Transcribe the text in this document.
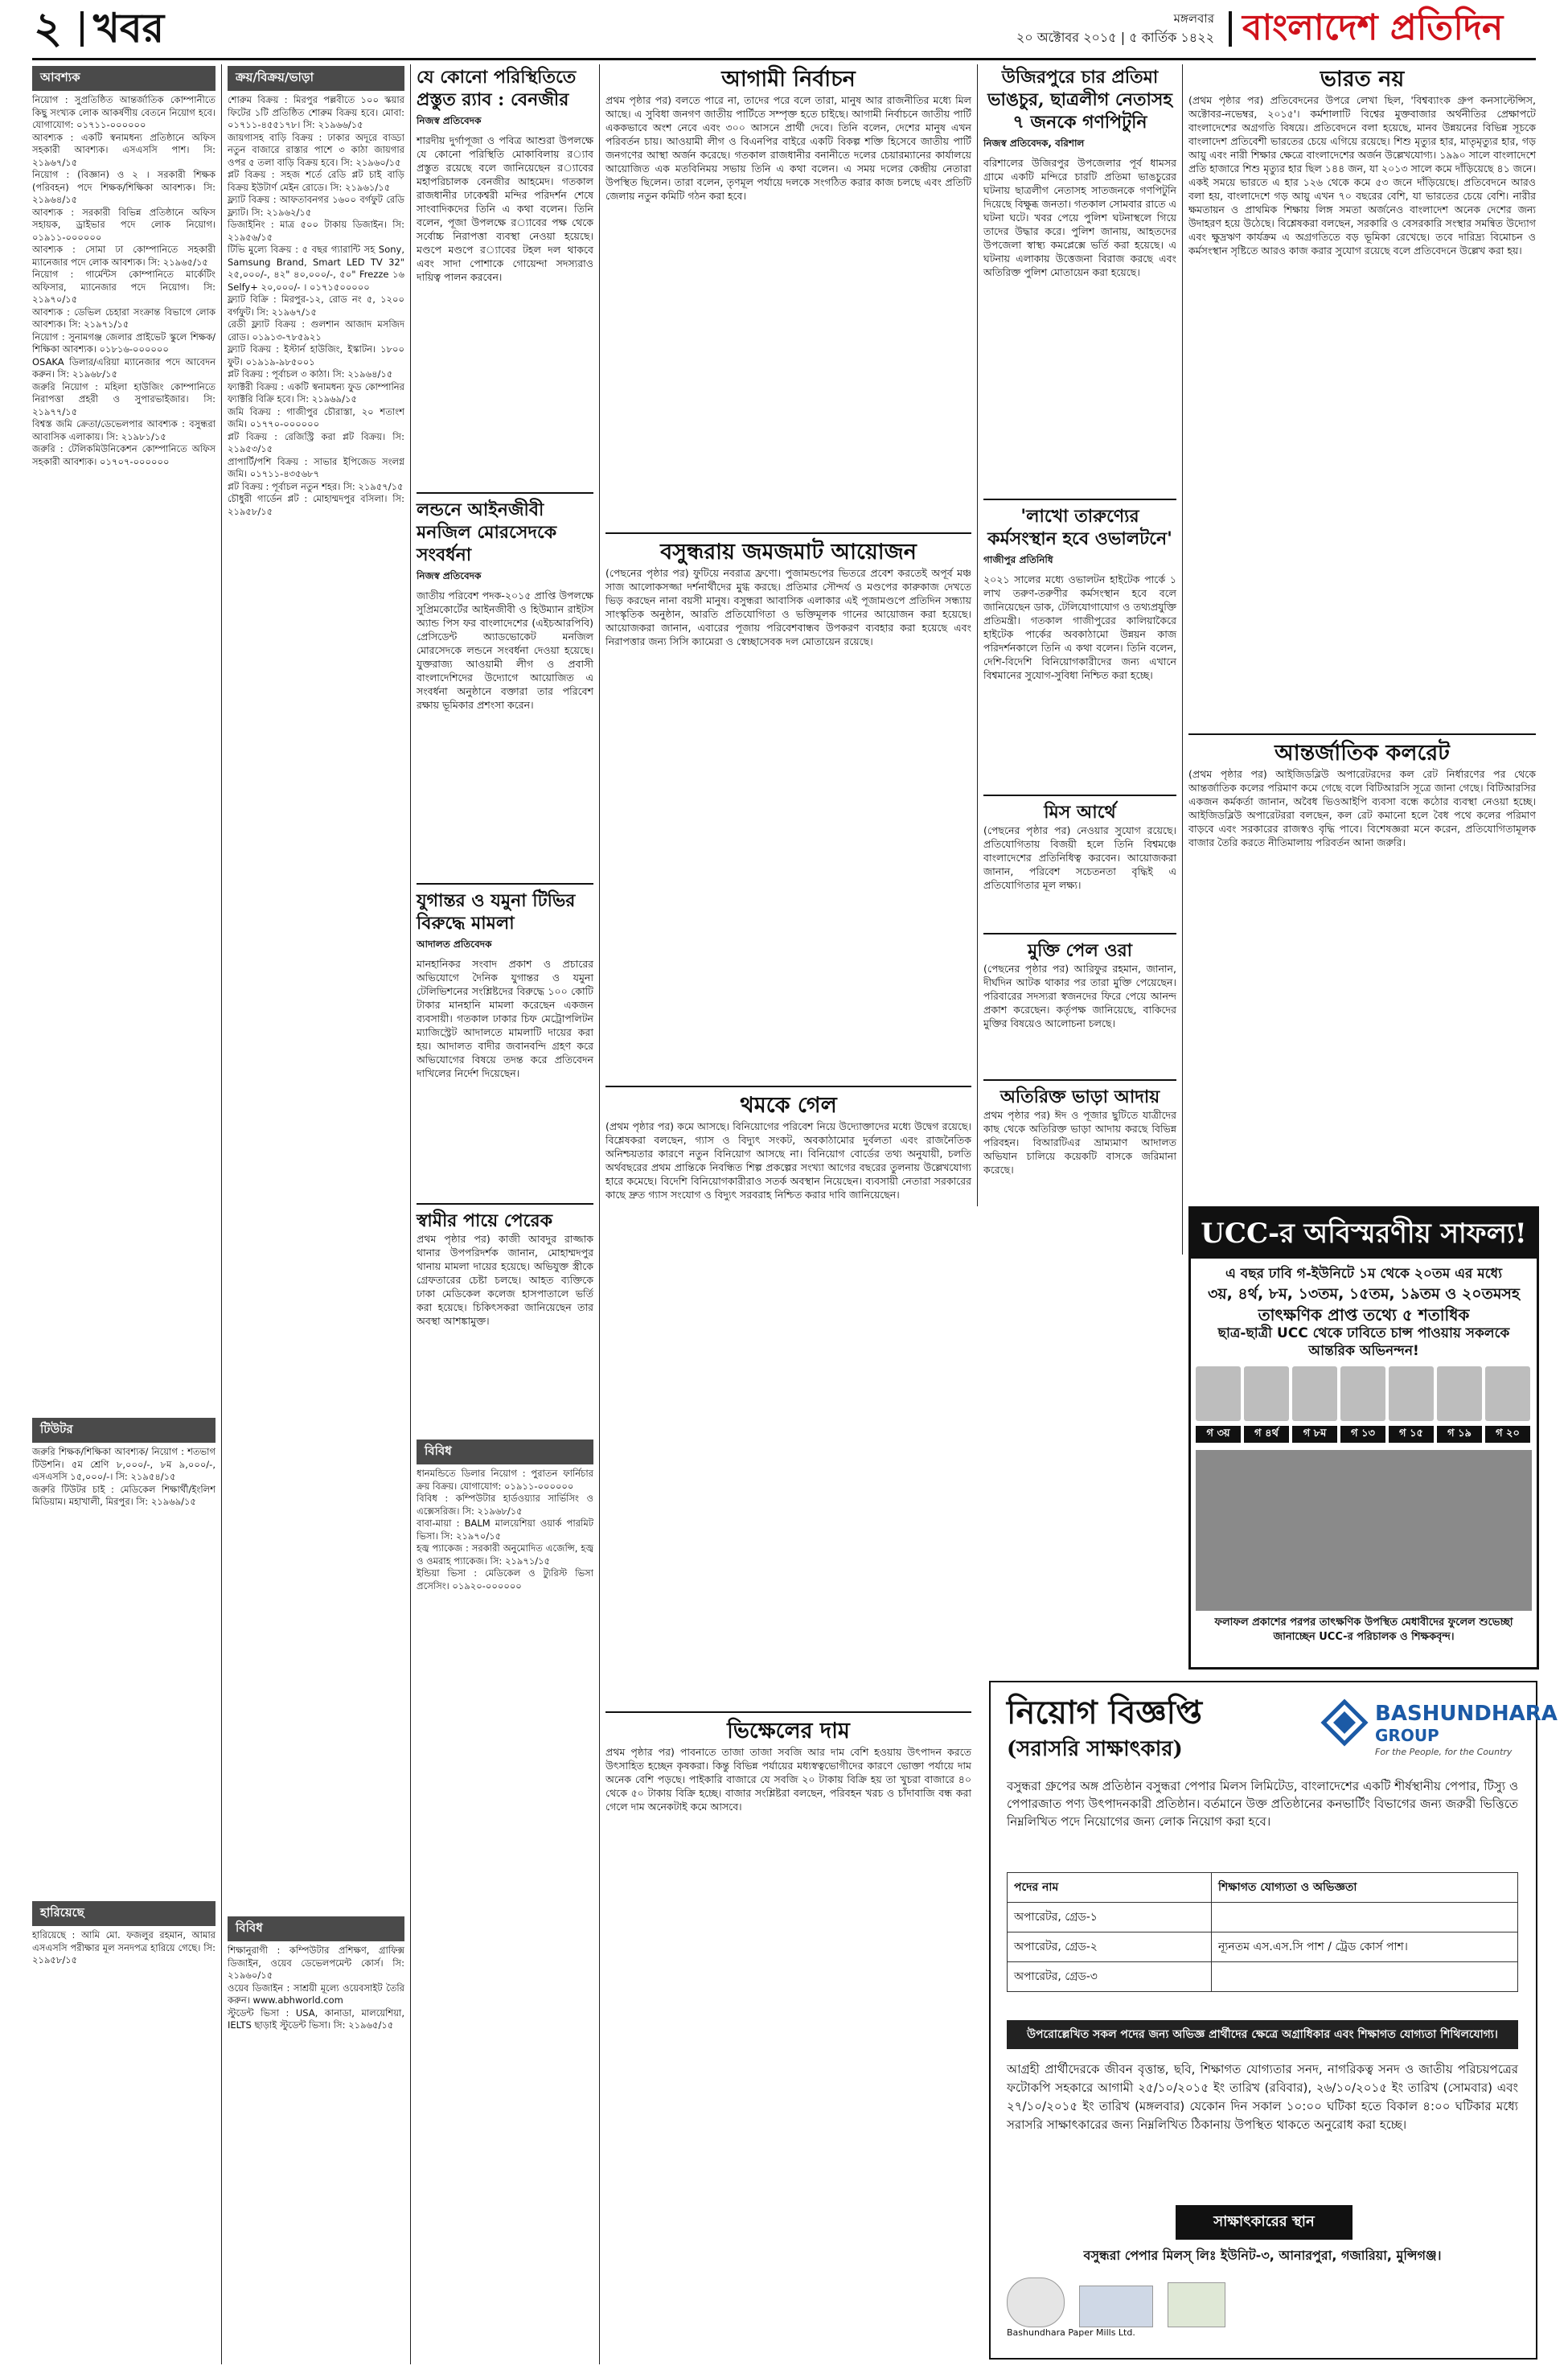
২ খবর	মঙ্গলবার
২০ অক্টোবর ২০১৫ | ৫ কার্তিক ১৪২২ বাংলাদেশ প্রতিদিন
আবশ্যক
নিয়োগ : সুপ্রতিষ্ঠিত আন্তর্জাতিক কোম্পানীতে কিছু সংখ্যক লোক আকর্ষণীয় বেতনে নিয়োগ হবে। যোগাযোগ: ০১৭১১-০০০০০০
আবশ্যক : একটি স্বনামধন্য প্রতিষ্ঠানে অফিস সহকারী আবশ্যক। এসএসসি পাশ। সি: ২১৯৬৭/১৫
নিয়োগ : (বিজ্ঞান) ও ২ । সরকারী শিক্ষক (পরিবহন) পদে শিক্ষক/শিক্ষিকা আবশ্যক। সি: ২১৯৬৪/১৫
আবশ্যক : সরকারী বিভিন্ন প্রতিষ্ঠানে অফিস সহায়ক, ড্রাইভার পদে লোক নিয়োগ। ০১৯১১-০০০০০০
আবশ্যক : সোমা ঢা কোম্পানিতে সহকারী ম্যানেজার পদে লোক আবশ্যক। সি: ২১৯৬৫/১৫
নিয়োগ : গার্মেন্টস কোম্পানিতে মার্কেটিং অফিসার, ম্যানেজার পদে নিয়োগ। সি: ২১৯৭০/১৫
আবশ্যক : ডেভিল চেহারা সংক্রান্ত বিভাগে লোক আবশ্যক। সি: ২১৯৭১/১৫
নিয়োগ : সুনামগঞ্জ জেলার প্রাইভেট স্কুলে শিক্ষক/শিক্ষিকা আবশ্যক। ০১৮১৬-০০০০০০
OSAKA ডিলার/এরিয়া ম্যানেজার পদে আবেদন করুন। সি: ২১৯৬৮/১৫
জরুরি নিয়োগ : মহিলা হাউজিং কোম্পানিতে নিরাপত্তা প্রহরী ও সুপারভাইজার। সি: ২১৯৭৭/১৫
বিশ্বস্ত জমি ক্রেতা/ডেভেলপার আবশ্যক : বসুন্ধরা আবাসিক এলাকায়। সি: ২১৯৮১/১৫
জরুরি : টেলিকমিউনিকেশন কোম্পানিতে অফিস সহকারী আবশ্যক। ০১৭০৭-০০০০০০
টিউটর
জরুরি শিক্ষক/শিক্ষিকা আবশ্যক/ নিয়োগ : শতভাগ টিউশনি। ৫ম শ্রেণি ৮,০০০/-, ৮ম ৯,০০০/-, এসএসসি ১৫,০০০/-। সি: ২১৯৫৪/১৫
জরুরি টিউটর চাই : মেডিকেল শিক্ষার্থী/ইংলিশ মিডিয়াম। মহাখালী, মিরপুর। সি: ২১৯৬৯/১৫
হারিয়েছে
হারিয়েছে : আমি মো. ফজলুর রহমান, আমার এসএসসি পরীক্ষার মূল সনদপত্র হারিয়ে গেছে। সি: ২১৯৫৮/১৫
ক্রয়/বিক্রয়/ভাড়া
শোরুম বিক্রয় : মিরপুর পল্লবীতে ১০০ স্কয়ার ফিটের ১টি প্রতিষ্ঠিত শোরুম বিক্রয় হবে। মোবা: ০১৭১১-৪৫৫১৭৮। সি: ২১৯৬৬/১৫
জায়গাসহ বাড়ি বিক্রয় : ঢাকার অদূরে বাড্ডা নতুন বাজারে রাস্তার পাশে ৩ কাঠা জায়গার ওপর ৫ তলা বাড়ি বিক্রয় হবে। সি: ২১৯৬০/১৫
প্লট বিক্রয় : সহজ শর্তে রেডি প্লট চাই বাড়ি বিক্রয় ইউটার্ণ মেইন রোডে। সি: ২১৯৬১/১৫
ফ্ল্যাট বিক্রয় : আফতাবনগর ১৬০০ বর্গফুট রেডি ফ্ল্যাট। সি: ২১৯৬২/১৫
ডিজাইনিং : মাত্র ৫০০ টাকায় ডিজাইন। সি: ২১৯৫৬/১৫
টিভি মুল্যে বিক্রয় : ৫ বছর গ্যারান্টি সহ Sony, Samsung Brand, Smart LED TV 32" ২৫,০০০/-, ৪২" ৪০,০০০/-, ৫০" Frezze ১৬ Selfy+ ২০,০০০/- । ০১৭১৫০০০০০
ফ্ল্যাট বিক্রি : মিরপুর-১২, রোড নং ৫, ১২০০ বর্গফুট। সি: ২১৯৬৭/১৫
রেডী ফ্ল্যাট বিক্রয় : গুলশান আজাদ মসজিদ রোড। ০১৯১৩-৭৮৫৯২১
ফ্ল্যাট বিক্রয় : ইস্টার্ন হাউজিং, ইস্কাটন। ১৮০০ ফুট। ০১৯১৯-৯৮৫০০১
প্লট বিক্রয় : পূর্বাচল ৩ কাঠা। সি: ২১৯৬৪/১৫
ফ্যাক্টরী বিক্রয় : একটি স্বনামধন্য ফুড কোম্পানির ফ্যাক্টরি বিক্রি হবে। সি: ২১৯৬৯/১৫
জমি বিক্রয় : গাজীপুর চৌরাস্তা, ২০ শতাংশ জমি। ০১৭৭০-০০০০০০
প্লট বিক্রয় : রেজিস্ট্রি করা প্লট বিক্রয়। সি: ২১৯৫৩/১৫
প্রাপার্টি/পশি বিক্রয় : সাভার ইপিজেড সংলগ্ন জমি। ০১৭১১-৪৩৫৬৮৭
প্লট বিক্রয় : পূর্বাচল নতুন শহর। সি: ২১৯৫৭/১৫
চৌধুরী গার্ডেন প্লট : মোহাম্মদপুর বসিলা। সি: ২১৯৫৮/১৫
বিবিধ
শিক্ষানুরাগী : কম্পিউটার প্রশিক্ষণ, গ্রাফিক্স ডিজাইন, ওয়েব ডেভেলপমেন্ট কোর্স। সি: ২১৯৬০/১৫
ওয়েব ডিজাইন : সাশ্রয়ী মূল্যে ওয়েবসাইট তৈরি করুন। www.abhworld.com
স্টুডেন্ট ভিসা : USA, কানাডা, মালয়েশিয়া, IELTS ছাড়াই স্টুডেন্ট ভিসা। সি: ২১৯৬৫/১৫
যে কোনো পরিস্থিতিতে প্রস্তুত র‌্যাব : বেনজীর
নিজস্ব প্রতিবেদক
শারদীয় দুর্গাপূজা ও পবিত্র আশুরা উপলক্ষে যে কোনো পরিস্থিতি মোকাবিলায় র‌্যাব প্রস্তুত রয়েছে বলে জানিয়েছেন র‌্যাবের মহাপরিচালক বেনজীর আহমেদ। গতকাল রাজধানীর ঢাকেশ্বরী মন্দির পরিদর্শন শেষে সাংবাদিকদের তিনি এ কথা বলেন। তিনি বলেন, পূজা উপলক্ষে র‌্যাবের পক্ষ থেকে সর্বোচ্চ নিরাপত্তা ব্যবস্থা নেওয়া হয়েছে। মণ্ডপে মণ্ডপে র‌্যাবের টহল দল থাকবে এবং সাদা পোশাকে গোয়েন্দা সদস্যরাও দায়িত্ব পালন করবেন।
লন্ডনে আইনজীবী মনজিল মোরসেদকে সংবর্ধনা
নিজস্ব প্রতিবেদক
জাতীয় পরিবেশ পদক-২০১৫ প্রাপ্তি উপলক্ষে সুপ্রিমকোর্টের আইনজীবী ও হিউম্যান রাইটস অ্যান্ড পিস ফর বাংলাদেশের (এইচআরপিবি) প্রেসিডেন্ট অ্যাডভোকেট মনজিল মোরসেদকে লন্ডনে সংবর্ধনা দেওয়া হয়েছে। যুক্তরাজ্য আওয়ামী লীগ ও প্রবাসী বাংলাদেশিদের উদ্যোগে আয়োজিত এ সংবর্ধনা অনুষ্ঠানে বক্তারা তার পরিবেশ রক্ষায় ভূমিকার প্রশংসা করেন।
যুগান্তর ও যমুনা টিভির বিরুদ্ধে মামলা
আদালত প্রতিবেদক
মানহানিকর সংবাদ প্রকাশ ও প্রচারের অভিযোগে দৈনিক যুগান্তর ও যমুনা টেলিভিশনের সংশ্লিষ্টদের বিরুদ্ধে ১০০ কোটি টাকার মানহানি মামলা করেছেন একজন ব্যবসায়ী। গতকাল ঢাকার চিফ মেট্রোপলিটন ম্যাজিস্ট্রেট আদালতে মামলাটি দায়ের করা হয়। আদালত বাদীর জবানবন্দি গ্রহণ করে অভিযোগের বিষয়ে তদন্ত করে প্রতিবেদন দাখিলের নির্দেশ দিয়েছেন।
স্বামীর পায়ে পেরেক
প্রথম পৃষ্ঠার পর) কাজী আবদুর রাজ্জাক থানার উপপরিদর্শক জানান, মোহাম্মদপুর থানায় মামলা দায়ের হয়েছে। অভিযুক্ত স্ত্রীকে গ্রেফতারের চেষ্টা চলছে। আহত ব্যক্তিকে ঢাকা মেডিকেল কলেজ হাসপাতালে ভর্তি করা হয়েছে। চিকিৎসকরা জানিয়েছেন তার অবস্থা আশঙ্কামুক্ত।
বিবিধ
ধানমন্ডিতে ডিলার নিয়োগ : পুরাতন ফার্নিচার ক্রয় বিক্রয়। যোগাযোগ: ০১৯১১-০০০০০০
বিবিধ : কম্পিউটার হার্ডওয়্যার সার্ভিসিং ও এক্সেসরিজ। সি: ২১৯৬৮/১৫
বাবা-মায়া : BALM মালয়েশিয়া ওয়ার্ক পারমিট ভিসা। সি: ২১৯৭০/১৫
হজ্ব প্যাকেজ : সরকারী অনুমোদিত এজেন্সি, হজ্ব ও ওমরাহ প্যাকেজ। সি: ২১৯৭১/১৫
ইন্ডিয়া ভিসা : মেডিকেল ও ট্যুরিস্ট ভিসা প্রসেসিং। ০১৯২০-০০০০০০
আগামী নির্বাচন
প্রথম পৃষ্ঠার পর) বলতে পারে না, তাদের পরে বলে তারা, মানুষ আর রাজনীতির মধ্যে মিল আছে। এ সুবিধা জনগণ জাতীয় পার্টিতে সম্পৃক্ত হতে চাইছে। আগামী নির্বাচনে জাতীয় পার্টি এককভাবে অংশ নেবে এবং ৩০০ আসনে প্রার্থী দেবে। তিনি বলেন, দেশের মানুষ এখন পরিবর্তন চায়। আওয়ামী লীগ ও বিএনপির বাইরে একটি বিকল্প শক্তি হিসেবে জাতীয় পার্টি জনগণের আস্থা অর্জন করেছে। গতকাল রাজধানীর বনানীতে দলের চেয়ারম্যানের কার্যালয়ে আয়োজিত এক মতবিনিময় সভায় তিনি এ কথা বলেন। এ সময় দলের কেন্দ্রীয় নেতারা উপস্থিত ছিলেন। তারা বলেন, তৃণমূল পর্যায়ে দলকে সংগঠিত করার কাজ চলছে এবং প্রতিটি জেলায় নতুন কমিটি গঠন করা হবে।
বসুন্ধরায় জমজমাট আয়োজন
(পেছনের পৃষ্ঠার পর) ফুটিয়ে নবরাত্র ফ্রণো। পুজামন্ডপের ভিতরে প্রবেশ করতেই অপূর্ব মঞ্চ সাজ আলোকসজ্জা দর্শনার্থীদের মুগ্ধ করছে। প্রতিমার সৌন্দর্য ও মণ্ডপের কারুকাজ দেখতে ভিড় করছেন নানা বয়সী মানুষ। বসুন্ধরা আবাসিক এলাকার এই পূজামণ্ডপে প্রতিদিন সন্ধ্যায় সাংস্কৃতিক অনুষ্ঠান, আরতি প্রতিযোগিতা ও ভক্তিমূলক গানের আয়োজন করা হয়েছে। আয়োজকরা জানান, এবারের পূজায় পরিবেশবান্ধব উপকরণ ব্যবহার করা হয়েছে এবং নিরাপত্তার জন্য সিসি ক্যামেরা ও স্বেচ্ছাসেবক দল মোতায়েন রয়েছে।
থমকে গেল
(প্রথম পৃষ্ঠার পর) কমে আসছে। বিনিয়োগের পরিবেশ নিয়ে উদ্যোক্তাদের মধ্যে উদ্বেগ রয়েছে। বিশ্লেষকরা বলছেন, গ্যাস ও বিদ্যুৎ সংকট, অবকাঠামোর দুর্বলতা এবং রাজনৈতিক অনিশ্চয়তার কারণে নতুন বিনিয়োগ আসছে না। বিনিয়োগ বোর্ডের তথ্য অনুযায়ী, চলতি অর্থবছরের প্রথম প্রান্তিকে নিবন্ধিত শিল্প প্রকল্পের সংখ্যা আগের বছরের তুলনায় উল্লেখযোগ্য হারে কমেছে। বিদেশি বিনিয়োগকারীরাও সতর্ক অবস্থান নিয়েছেন। ব্যবসায়ী নেতারা সরকারের কাছে দ্রুত গ্যাস সংযোগ ও বিদ্যুৎ সরবরাহ নিশ্চিত করার দাবি জানিয়েছেন।
ভিক্ষেলের দাম
প্রথম পৃষ্ঠার পর) পাবনাতে তাজা তাজা সবজি আর দাম বেশি হওয়ায় উৎপাদন করতে উৎসাহিত হচ্ছেন কৃষকরা। কিন্তু বিভিন্ন পর্যায়ের মধ্যস্বত্বভোগীদের কারণে ভোক্তা পর্যায়ে দাম অনেক বেশি পড়ছে। পাইকারি বাজারে যে সবজি ২০ টাকায় বিক্রি হয় তা খুচরা বাজারে ৪০ থেকে ৫০ টাকায় বিক্রি হচ্ছে। বাজার সংশ্লিষ্টরা বলছেন, পরিবহন খরচ ও চাঁদাবাজি বন্ধ করা গেলে দাম অনেকটাই কমে আসবে।
উজিরপুরে চার প্রতিমা ভাঙচুর, ছাত্রলীগ নেতাসহ ৭ জনকে গণপিটুনি
নিজস্ব প্রতিবেদক, বরিশাল
বরিশালের উজিরপুর উপজেলার পূর্ব ধামসর গ্রামে একটি মন্দিরে চারটি প্রতিমা ভাঙচুরের ঘটনায় ছাত্রলীগ নেতাসহ সাতজনকে গণপিটুনি দিয়েছে বিক্ষুব্ধ জনতা। গতকাল সোমবার রাতে এ ঘটনা ঘটে। খবর পেয়ে পুলিশ ঘটনাস্থলে গিয়ে তাদের উদ্ধার করে। পুলিশ জানায়, আহতদের উপজেলা স্বাস্থ্য কমপ্লেক্সে ভর্তি করা হয়েছে। এ ঘটনায় এলাকায় উত্তেজনা বিরাজ করছে এবং অতিরিক্ত পুলিশ মোতায়েন করা হয়েছে।
'লাখো তারুণ্যের কর্মসংস্থান হবে ওভালটনে'
গাজীপুর প্রতিনিধি
২০২১ সালের মধ্যে ওভালটন হাইটেক পার্কে ১ লাখ তরুণ-তরুণীর কর্মসংস্থান হবে বলে জানিয়েছেন ডাক, টেলিযোগাযোগ ও তথ্যপ্রযুক্তি প্রতিমন্ত্রী। গতকাল গাজীপুরের কালিয়াকৈরে হাইটেক পার্কের অবকাঠামো উন্নয়ন কাজ পরিদর্শনকালে তিনি এ কথা বলেন। তিনি বলেন, দেশি-বিদেশি বিনিয়োগকারীদের জন্য এখানে বিশ্বমানের সুযোগ-সুবিধা নিশ্চিত করা হচ্ছে।
মিস আর্থে
(পেছনের পৃষ্ঠার পর) নেওয়ার সুযোগ রয়েছে। প্রতিযোগিতায় বিজয়ী হলে তিনি বিশ্বমঞ্চে বাংলাদেশের প্রতিনিধিত্ব করবেন। আয়োজকরা জানান, পরিবেশ সচেতনতা বৃদ্ধিই এ প্রতিযোগিতার মূল লক্ষ্য।
মুক্তি পেল ওরা
(পেছনের পৃষ্ঠার পর) আরিফুর রহমান, জানান, দীর্ঘদিন আটক থাকার পর তারা মুক্তি পেয়েছেন। পরিবারের সদস্যরা স্বজনদের ফিরে পেয়ে আনন্দ প্রকাশ করেছেন। কর্তৃপক্ষ জানিয়েছে, বাকিদের মুক্তির বিষয়েও আলোচনা চলছে।
অতিরিক্ত ভাড়া আদায়
প্রথম পৃষ্ঠার পর) ঈদ ও পূজার ছুটিতে যাত্রীদের কাছ থেকে অতিরিক্ত ভাড়া আদায় করছে বিভিন্ন পরিবহন। বিআরটিএর ভ্রাম্যমাণ আদালত অভিযান চালিয়ে কয়েকটি বাসকে জরিমানা করেছে।
ভারত নয়
(প্রথম পৃষ্ঠার পর) প্রতিবেদনের উপরে লেখা ছিল, 'বিশ্বব্যাংক গ্রুপ কনসাল্টেন্সিস, অক্টোবর-নভেম্বর, ২০১৫'। কর্মশালাটি বিশ্বের মুক্তবাজার অর্থনীতির প্রেক্ষাপটে বাংলাদেশের অগ্রগতি বিষয়ে। প্রতিবেদনে বলা হয়েছে, মানব উন্নয়নের বিভিন্ন সূচকে বাংলাদেশ প্রতিবেশী ভারতের চেয়ে এগিয়ে রয়েছে। শিশু মৃত্যুর হার, মাতৃমৃত্যুর হার, গড় আয়ু এবং নারী শিক্ষার ক্ষেত্রে বাংলাদেশের অর্জন উল্লেখযোগ্য। ১৯৯০ সালে বাংলাদেশে প্রতি হাজারে শিশু মৃত্যুর হার ছিল ১৪৪ জন, যা ২০১৩ সালে কমে দাঁড়িয়েছে ৪১ জনে। একই সময়ে ভারতে এ হার ১২৬ থেকে কমে ৫৩ জনে দাঁড়িয়েছে। প্রতিবেদনে আরও বলা হয়, বাংলাদেশে গড় আয়ু এখন ৭০ বছরের বেশি, যা ভারতের চেয়ে বেশি। নারীর ক্ষমতায়ন ও প্রাথমিক শিক্ষায় লিঙ্গ সমতা অর্জনেও বাংলাদেশ অনেক দেশের জন্য উদাহরণ হয়ে উঠেছে। বিশ্লেষকরা বলছেন, সরকারি ও বেসরকারি সংস্থার সমন্বিত উদ্যোগ এবং ক্ষুদ্রঋণ কার্যক্রম এ অগ্রগতিতে বড় ভূমিকা রেখেছে। তবে দারিদ্র্য বিমোচন ও কর্মসংস্থান সৃষ্টিতে আরও কাজ করার সুযোগ রয়েছে বলে প্রতিবেদনে উল্লেখ করা হয়।
আন্তর্জাতিক কলরেট
(প্রথম পৃষ্ঠার পর) আইজিডব্লিউ অপারেটরদের কল রেট নির্ধারণের পর থেকে আন্তর্জাতিক কলের পরিমাণ কমে গেছে বলে বিটিআরসি সূত্রে জানা গেছে। বিটিআরসির একজন কর্মকর্তা জানান, অবৈধ ভিওআইপি ব্যবসা বন্ধে কঠোর ব্যবস্থা নেওয়া হচ্ছে। আইজিডব্লিউ অপারেটররা বলছেন, কল রেট কমানো হলে বৈধ পথে কলের পরিমাণ বাড়বে এবং সরকারের রাজস্বও বৃদ্ধি পাবে। বিশেষজ্ঞরা মনে করেন, প্রতিযোগিতামূলক বাজার তৈরি করতে নীতিমালায় পরিবর্তন আনা জরুরি।
UCC-র অবিস্মরণীয় সাফল্য!
এ বছর ঢাবি গ-ইউনিটে ১ম থেকে ২০তম এর মধ্যে
৩য়, ৪র্থ, ৮ম, ১৩তম, ১৫তম, ১৯তম ও ২০তমসহ
তাৎক্ষণিক প্রাপ্ত তথ্যে ৫ শতাধিক
ছাত্র-ছাত্রী UCC থেকে ঢাবিতে চান্স পাওয়ায় সকলকে আন্তরিক অভিনন্দন!
গ ৩য়	গ ৪র্থ	গ ৮ম	গ ১৩	গ ১৫	গ ১৯	গ ২০
ফলাফল প্রকাশের পরপর তাৎক্ষণিক উপস্থিত মেধাবীদের ফুলেল শুভেচ্ছা জানাচ্ছেন UCC-র পরিচালক ও শিক্ষকবৃন্দ।
নিয়োগ বিজ্ঞপ্তি
(সরাসরি সাক্ষাৎকার)
BASHUNDHARA
GROUP
For the People, for the Country
বসুন্ধরা গ্রুপের অঙ্গ প্রতিষ্ঠান বসুন্ধরা পেপার মিলস লিমিটেড, বাংলাদেশের একটি শীর্ষস্থানীয় পেপার, টিস্যু ও পেপারজাত পণ্য উৎপাদনকারী প্রতিষ্ঠান। বর্তমানে উক্ত প্রতিষ্ঠানের কনভার্টিং বিভাগের জন্য জরুরী ভিত্তিতে নিম্নলিখিত পদে নিয়োগের জন্য লোক নিয়োগ করা হবে।
পদের নাম	শিক্ষাগত যোগ্যতা ও অভিজ্ঞতা
অপারেটর, গ্রেড-১	
অপারেটর, গ্রেড-২	ন্যূনতম এস.এস.সি পাশ / ট্রেড কোর্স পাশ।
অপারেটর, গ্রেড-৩	
উপরোল্লেখিত সকল পদের জন্য অভিজ্ঞ প্রার্থীদের ক্ষেত্রে অগ্রাধিকার এবং শিক্ষাগত যোগ্যতা শিথিলযোগ্য।
আগ্রহী প্রার্থীদেরকে জীবন বৃত্তান্ত, ছবি, শিক্ষাগত যোগ্যতার সনদ, নাগরিকত্ব সনদ ও জাতীয় পরিচয়পত্রের ফটোকপি সহকারে আগামী ২৫/১০/২০১৫ ইং তারিখ (রবিবার), ২৬/১০/২০১৫ ইং তারিখ (সোমবার) এবং ২৭/১০/২০১৫ ইং তারিখ (মঙ্গলবার) যেকোন দিন সকাল ১০:০০ ঘটিকা হতে বিকাল ৪:০০ ঘটিকার মধ্যে সরাসরি সাক্ষাৎকারের জন্য নিম্নলিখিত ঠিকানায় উপস্থিত থাকতে অনুরোধ করা হচ্ছে।
সাক্ষাৎকারের স্থান
বসুন্ধরা পেপার মিলস্ লিঃ ইউনিট-৩, আনারপুরা, গজারিয়া, মুন্সিগঞ্জ।
Bashundhara Paper Mills Ltd.
